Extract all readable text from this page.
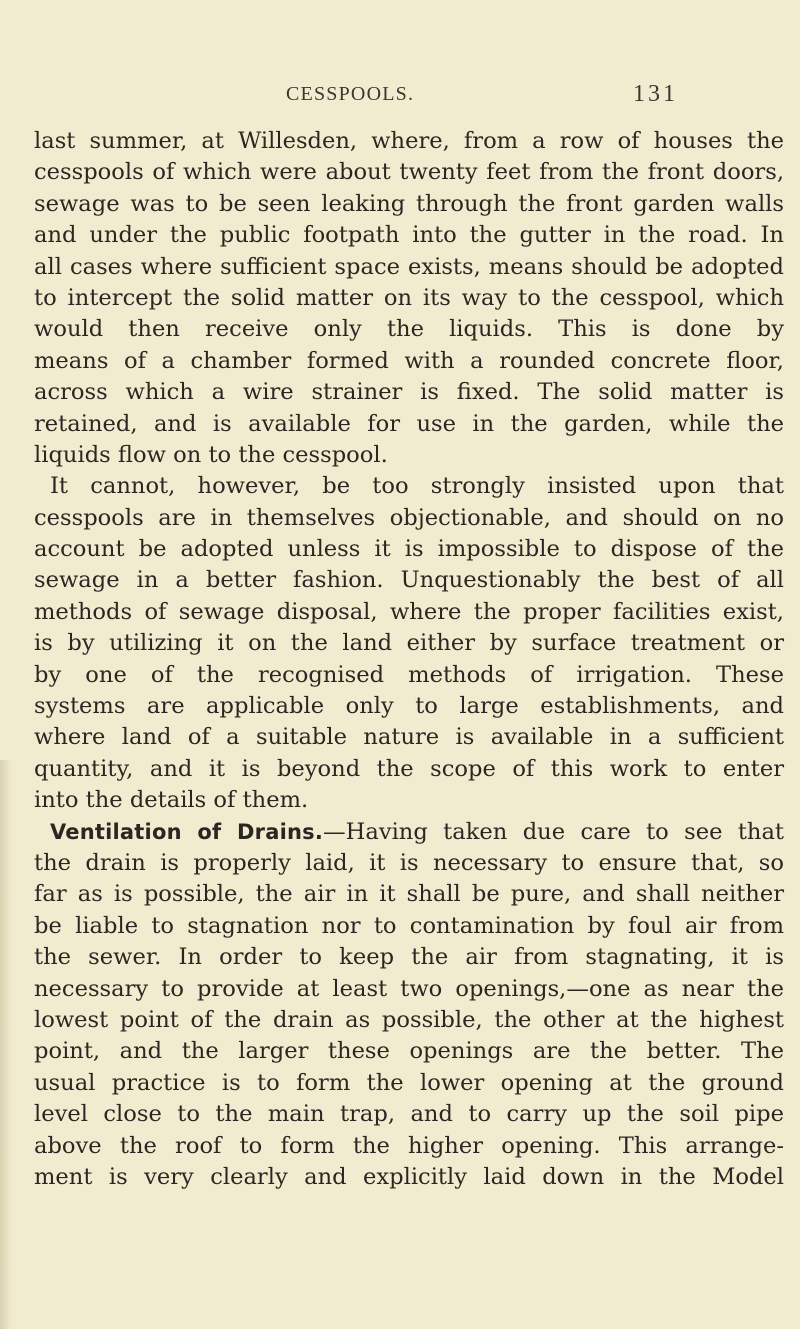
CESSPOOLS.	131
last summer, at Willesden, where, from a row of houses the
cesspools of which were about twenty feet from the front doors,
sewage was to be seen leaking through the front garden walls
and under the public footpath into the gutter in the road. In
all cases where sufficient space exists, means should be adopted
to intercept the solid matter on its way to the cesspool, which
would then receive only the liquids. This is done by
means of a chamber formed with a rounded concrete floor,
across which a wire strainer is fixed. The solid matter is
retained, and is available for use in the garden, while the
liquids flow on to the cesspool.
It cannot, however, be too strongly insisted upon that
cesspools are in themselves objectionable, and should on no
account be adopted unless it is impossible to dispose of the
sewage in a better fashion. Unquestionably the best of all
methods of sewage disposal, where the proper facilities exist,
is by utilizing it on the land either by surface treatment or
by one of the recognised methods of irrigation. These
systems are applicable only to large establishments, and
where land of a suitable nature is available in a sufficient
quantity, and it is beyond the scope of this work to enter
into the details of them.
Ventilation of Drains.—Having taken due care to see that
the drain is properly laid, it is necessary to ensure that, so
far as is possible, the air in it shall be pure, and shall neither
be liable to stagnation nor to contamination by foul air from
the sewer. In order to keep the air from stagnating, it is
necessary to provide at least two openings,—one as near the
lowest point of the drain as possible, the other at the highest
point, and the larger these openings are the better. The
usual practice is to form the lower opening at the ground
level close to the main trap, and to carry up the soil pipe
above the roof to form the higher opening. This arrange-
ment is very clearly and explicitly laid down in the Model
